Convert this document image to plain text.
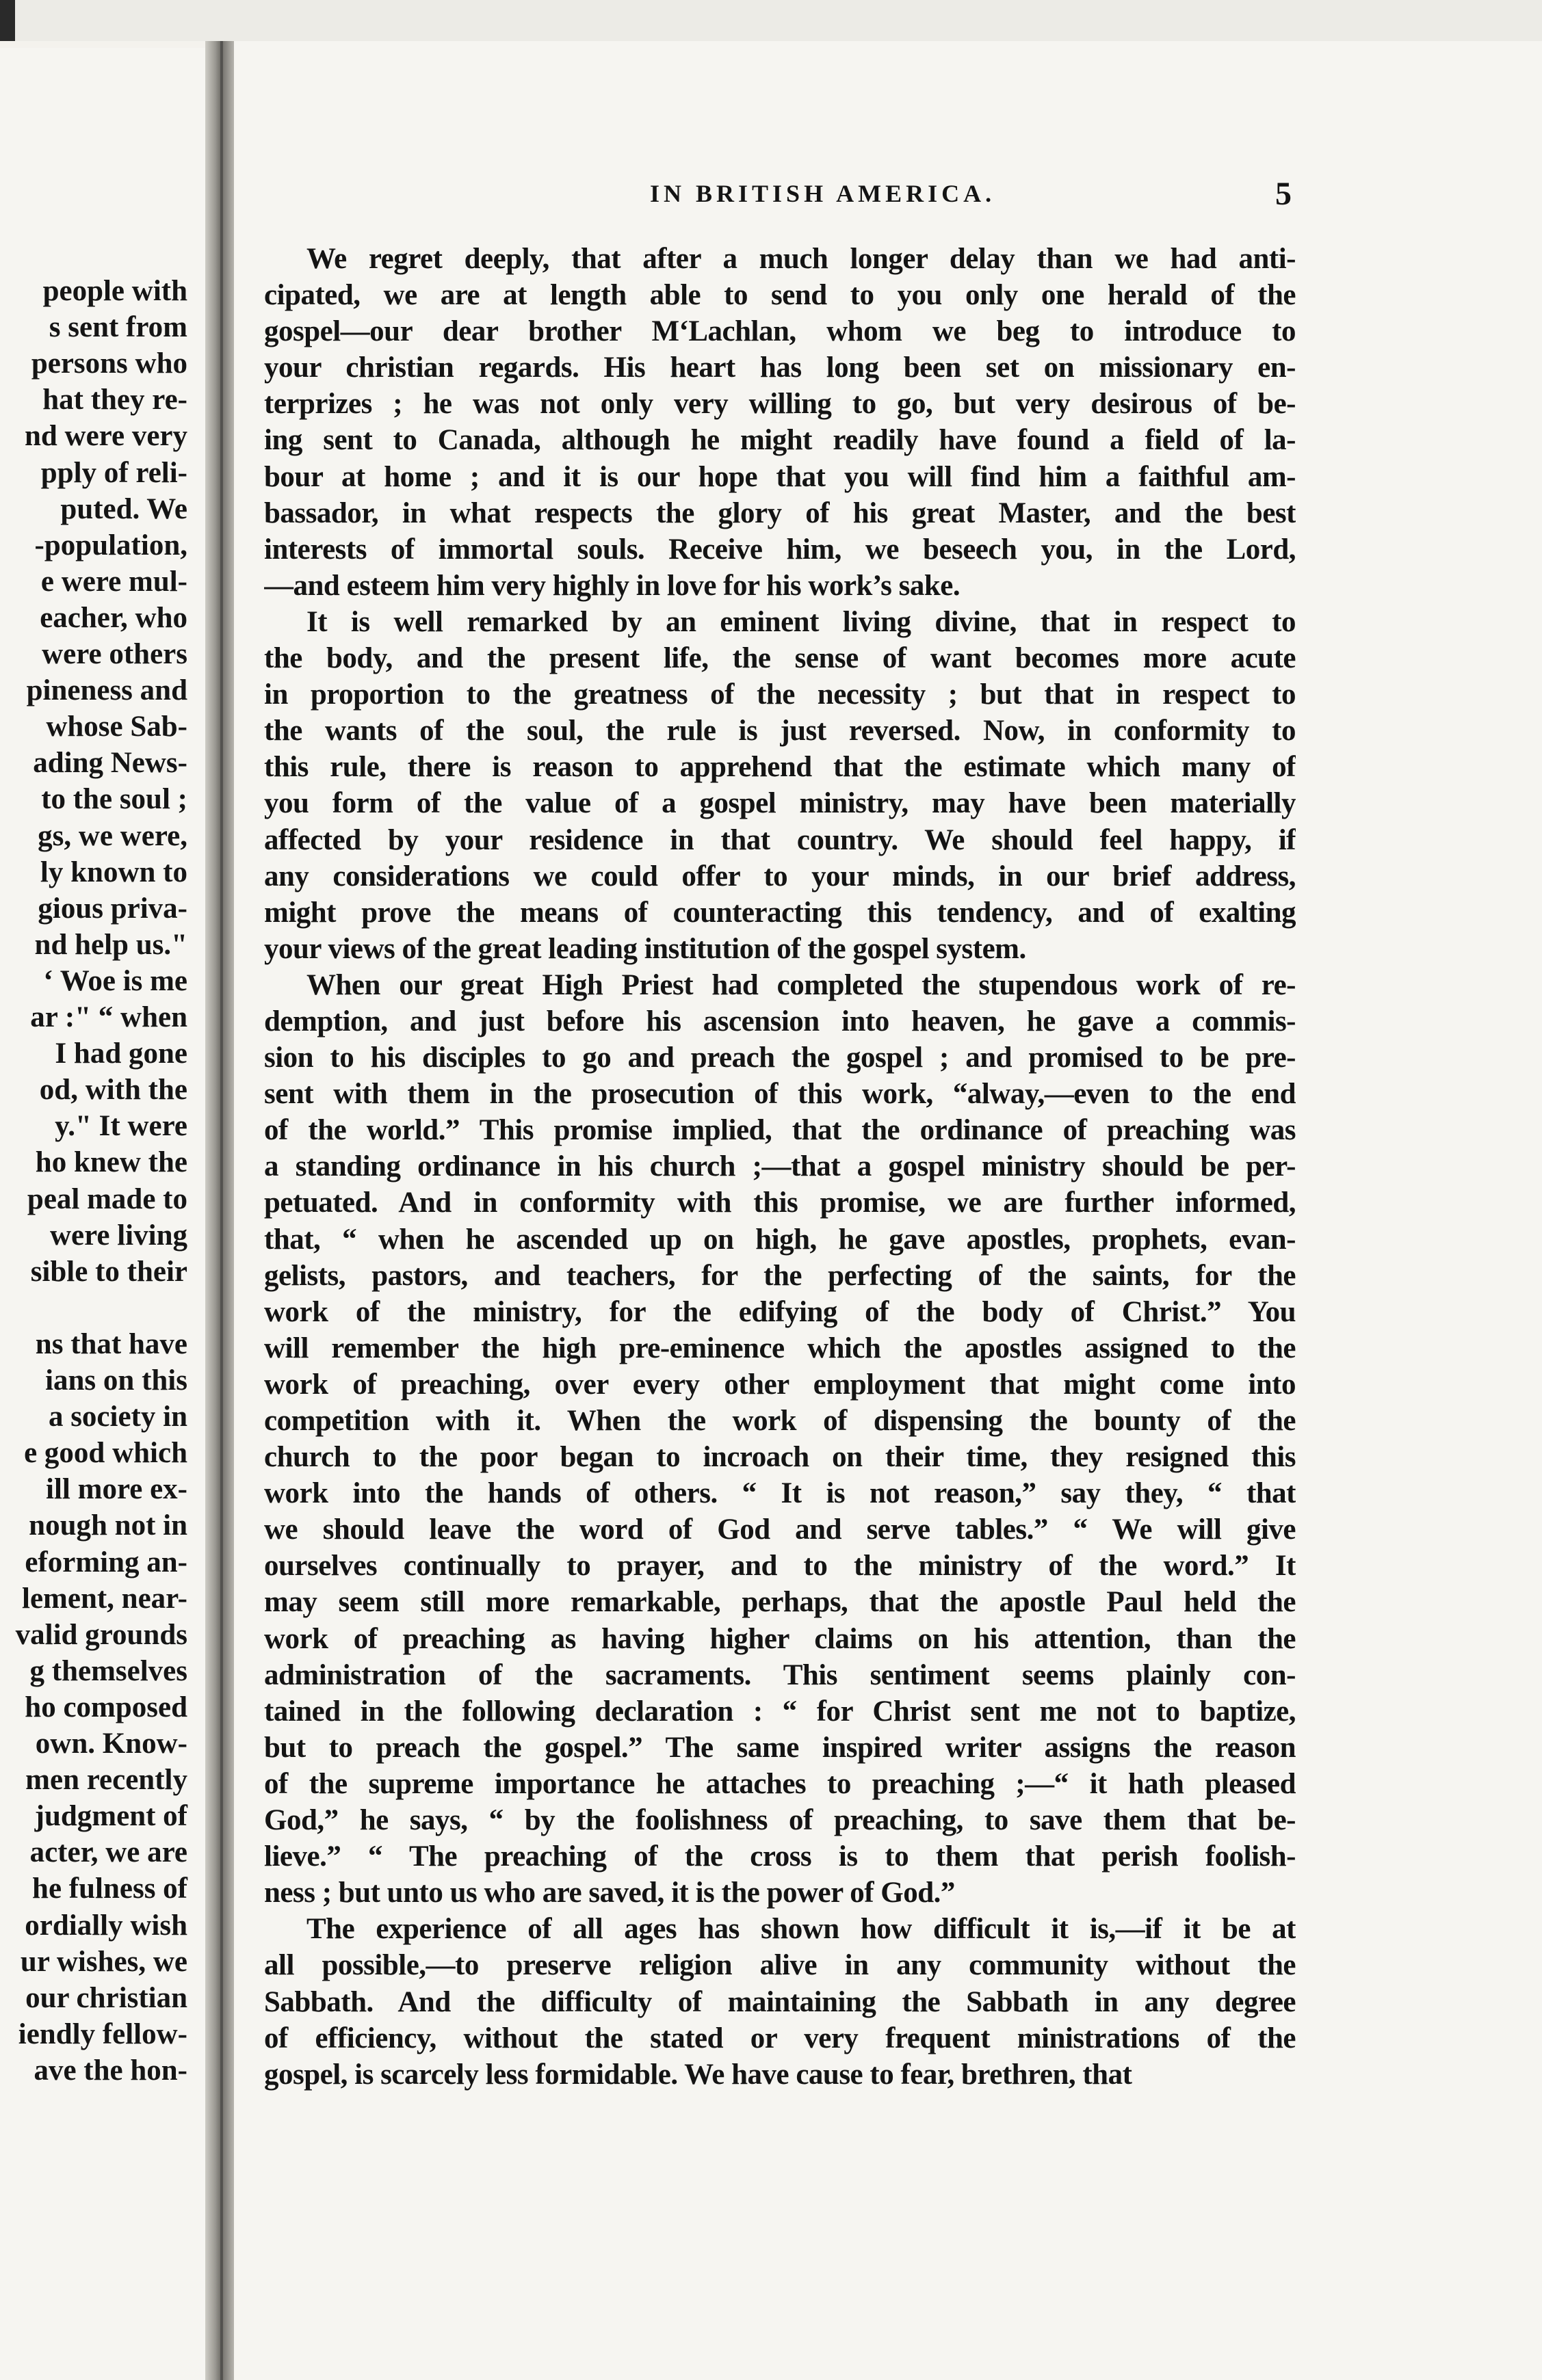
people with
s sent from
persons who
hat they re-
nd were very
pply of reli-
puted. We
-population,
e were mul-
eacher, who
were others
pineness and
whose Sab-
ading News-
to the soul ;
gs, we were,
ly known to
gious priva-
nd help us."
‘ Woe is me
ar :" “ when
I had gone
od, with the
y." It were
ho knew the
peal made to
were living
sible to their
ns that have
ians on this
a society in
e good which
ill more ex-
nough not in
eforming an-
lement, near-
valid grounds
g themselves
ho composed
own. Know-
men recently
judgment of
acter, we are
he fulness of
ordially wish
ur wishes, we
our christian
iendly fellow-
ave the hon-
IN BRITISH AMERICA.	5
We regret deeply, that after a much longer delay than we had anti-
cipated, we are at length able to send to you only one herald of the
gospel—our dear brother M‘Lachlan, whom we beg to introduce to
your christian regards. His heart has long been set on missionary en-
terprizes ; he was not only very willing to go, but very desirous of be-
ing sent to Canada, although he might readily have found a field of la-
bour at home ; and it is our hope that you will find him a faithful am-
bassador, in what respects the glory of his great Master, and the best
interests of immortal souls. Receive him, we beseech you, in the Lord,
—and esteem him very highly in love for his work’s sake.
It is well remarked by an eminent living divine, that in respect to
the body, and the present life, the sense of want becomes more acute
in proportion to the greatness of the necessity ; but that in respect to
the wants of the soul, the rule is just reversed. Now, in conformity to
this rule, there is reason to apprehend that the estimate which many of
you form of the value of a gospel ministry, may have been materially
affected by your residence in that country. We should feel happy, if
any considerations we could offer to your minds, in our brief address,
might prove the means of counteracting this tendency, and of exalting
your views of the great leading institution of the gospel system.
When our great High Priest had completed the stupendous work of re-
demption, and just before his ascension into heaven, he gave a commis-
sion to his disciples to go and preach the gospel ; and promised to be pre-
sent with them in the prosecution of this work, “alway,—even to the end
of the world.” This promise implied, that the ordinance of preaching was
a standing ordinance in his church ;—that a gospel ministry should be per-
petuated. And in conformity with this promise, we are further informed,
that, “ when he ascended up on high, he gave apostles, prophets, evan-
gelists, pastors, and teachers, for the perfecting of the saints, for the
work of the ministry, for the edifying of the body of Christ.” You
will remember the high pre-eminence which the apostles assigned to the
work of preaching, over every other employment that might come into
competition with it. When the work of dispensing the bounty of the
church to the poor began to incroach on their time, they resigned this
work into the hands of others. “ It is not reason,” say they, “ that
we should leave the word of God and serve tables.” “ We will give
ourselves continually to prayer, and to the ministry of the word.” It
may seem still more remarkable, perhaps, that the apostle Paul held the
work of preaching as having higher claims on his attention, than the
administration of the sacraments. This sentiment seems plainly con-
tained in the following declaration : “ for Christ sent me not to baptize,
but to preach the gospel.” The same inspired writer assigns the reason
of the supreme importance he attaches to preaching ;—“ it hath pleased
God,” he says, “ by the foolishness of preaching, to save them that be-
lieve.” “ The preaching of the cross is to them that perish foolish-
ness ; but unto us who are saved, it is the power of God.”
The experience of all ages has shown how difficult it is,—if it be at
all possible,—to preserve religion alive in any community without the
Sabbath. And the difficulty of maintaining the Sabbath in any degree
of efficiency, without the stated or very frequent ministrations of the
gospel, is scarcely less formidable. We have cause to fear, brethren, that
